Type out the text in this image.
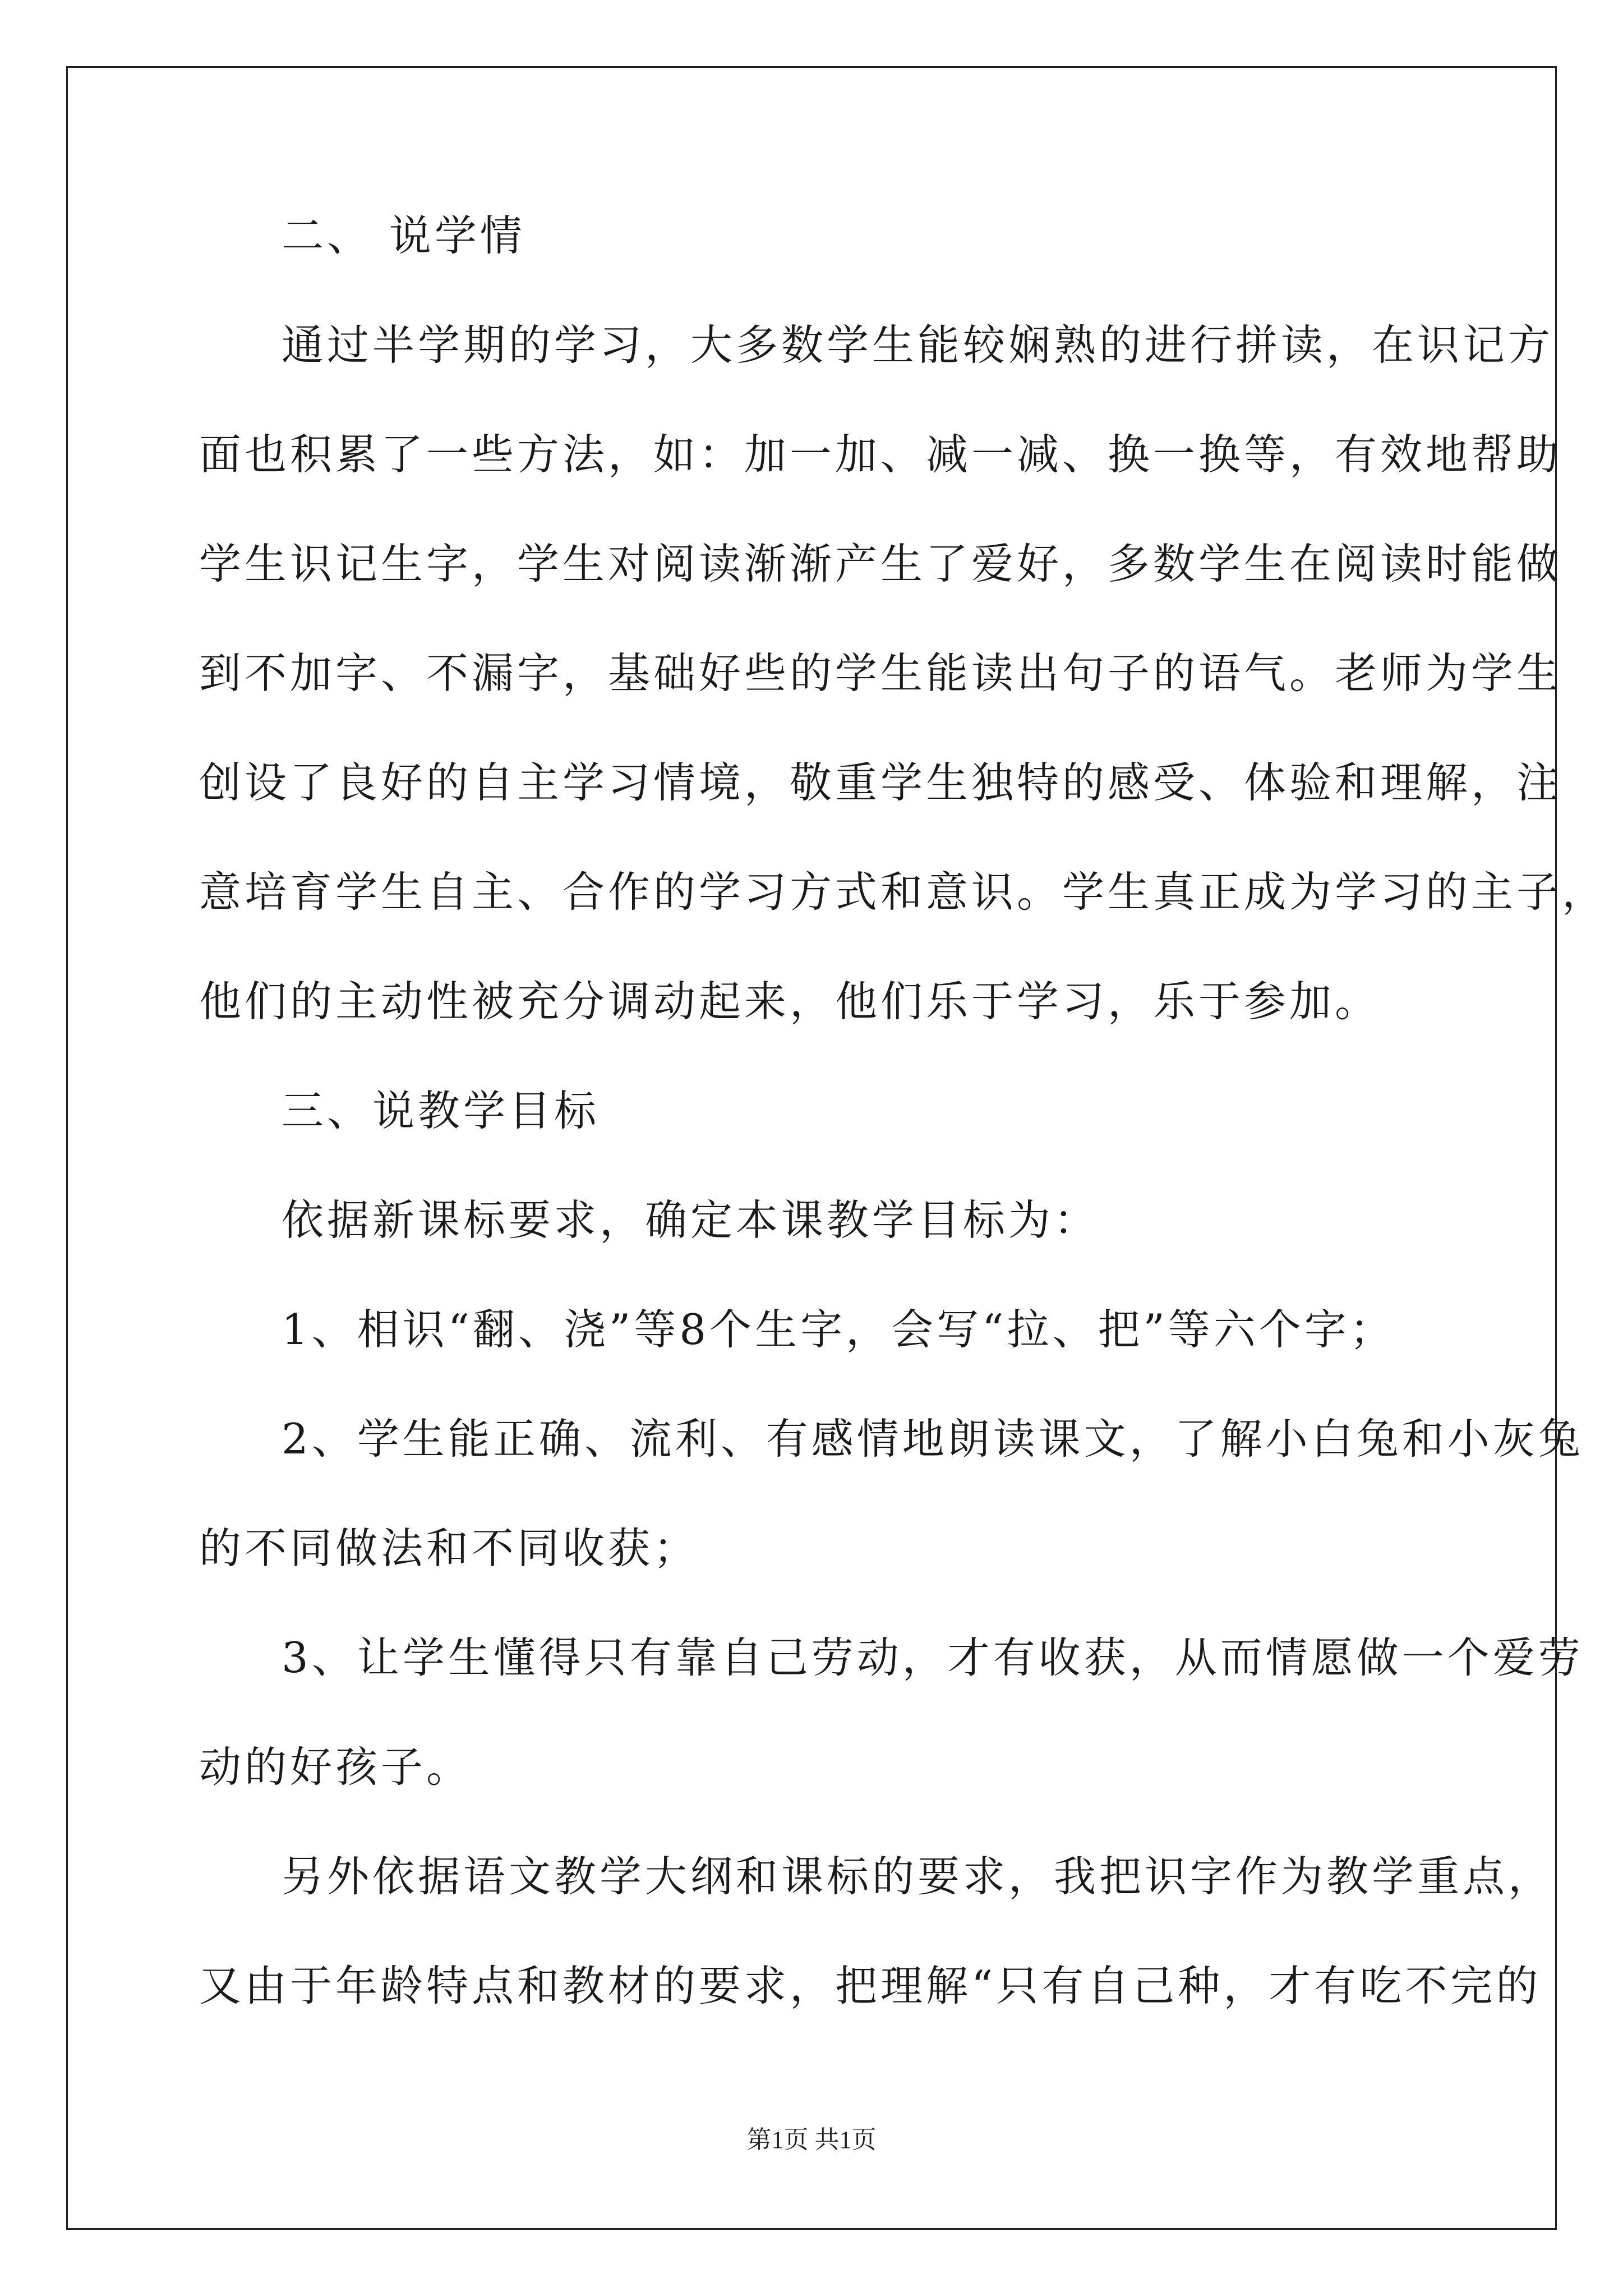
二、 说学情
通过半学期的学习，大多数学生能较娴熟的进行拼读，在识记方
面也积累了一些方法，如：加一加、减一减、换一换等，有效地帮助
学生识记生字，学生对阅读渐渐产生了爱好，多数学生在阅读时能做
到不加字、不漏字，基础好些的学生能读出句子的语气。老师为学生
创设了良好的自主学习情境，敬重学生独特的感受、体验和理解，注
意培育学生自主、合作的学习方式和意识。学生真正成为学习的主子，
他们的主动性被充分调动起来，他们乐于学习，乐于参加。
三、说教学目标
依据新课标要求，确定本课教学目标为：
1、相识“翻、浇”等8个生字，会写“拉、把”等六个字；
2、学生能正确、流利、有感情地朗读课文，了解小白兔和小灰兔
的不同做法和不同收获；
3、让学生懂得只有靠自己劳动，才有收获，从而情愿做一个爱劳
动的好孩子。
另外依据语文教学大纲和课标的要求，我把识字作为教学重点，
又由于年龄特点和教材的要求，把理解“只有自己种，才有吃不完的
第1页 共1页
